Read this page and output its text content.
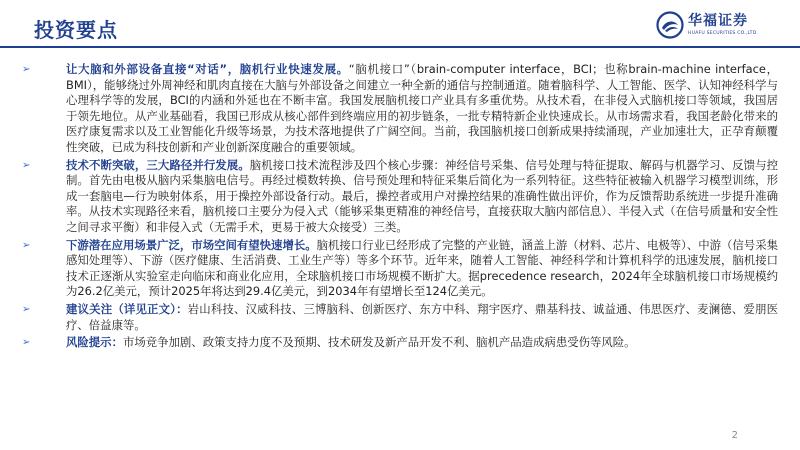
投资要点	华福证券
HUAFU SECURITIES CO.,LTD.
➢	让大脑和外部设备直接“对话”，脑机行业快速发展。“脑机接口”（brain-computer interface，BCI；也称brain-machine interface，BMI），能够绕过外周神经和肌肉直接在大脑与外部设备之间建立一种全新的通信与控制通道。随着脑科学、人工智能、医学、认知神经科学与心理科学等的发展，BCI的内涵和外延也在不断丰富。我国发展脑机接口产业具有多重优势。从技术看，在非侵入式脑机接口等领域，我国居于领先地位。从产业基础看，我国已形成从核心部件到终端应用的初步链条，一批专精特新企业快速成长。从市场需求看，我国老龄化带来的医疗康复需求以及工业智能化升级等场景，为技术落地提供了广阔空间。当前，我国脑机接口创新成果持续涌现，产业加速壮大，正孕育颠覆性突破，已成为科技创新和产业创新深度融合的重要领域。
➢	技术不断突破，三大路径并行发展。脑机接口技术流程涉及四个核心步骤：神经信号采集、信号处理与特征提取、解码与机器学习、反馈与控制。首先由电极从脑内采集脑电信号。再经过模数转换、信号预处理和特征采集后简化为一系列特征。这些特征被输入机器学习模型训练，形成一套脑电—行为映射体系，用于操控外部设备行动。最后，操控者或用户对操控结果的准确性做出评价，作为反馈帮助系统进一步提升准确率。从技术实现路径来看，脑机接口主要分为侵入式（能够采集更精准的神经信号，直接获取大脑内部信息）、半侵入式（在信号质量和安全性之间寻求平衡）和非侵入式（无需手术，更易于被大众接受）三类。
➢	下游潜在应用场景广泛，市场空间有望快速增长。脑机接口行业已经形成了完整的产业链，涵盖上游（材料、芯片、电极等）、中游（信号采集感知处理等）、下游（医疗健康、生活消费、工业生产等）等多个环节。近年来，随着人工智能、神经科学和计算机科学的迅速发展，脑机接口技术正逐渐从实验室走向临床和商业化应用，全球脑机接口市场规模不断扩大。据precedence research，2024年全球脑机接口市场规模约为26.2亿美元，预计2025年将达到29.4亿美元，到2034年有望增长至124亿美元。
➢	建议关注（详见正文）：岩山科技、汉威科技、三博脑科、创新医疗、东方中科、翔宇医疗、鼎基科技、诚益通、伟思医疗、麦澜德、爱朋医疗、倍益康等。
➢	风险提示：市场竞争加剧、政策支持力度不及预期、技术研发及新产品开发不利、脑机产品造成病患受伤等风险。
2
